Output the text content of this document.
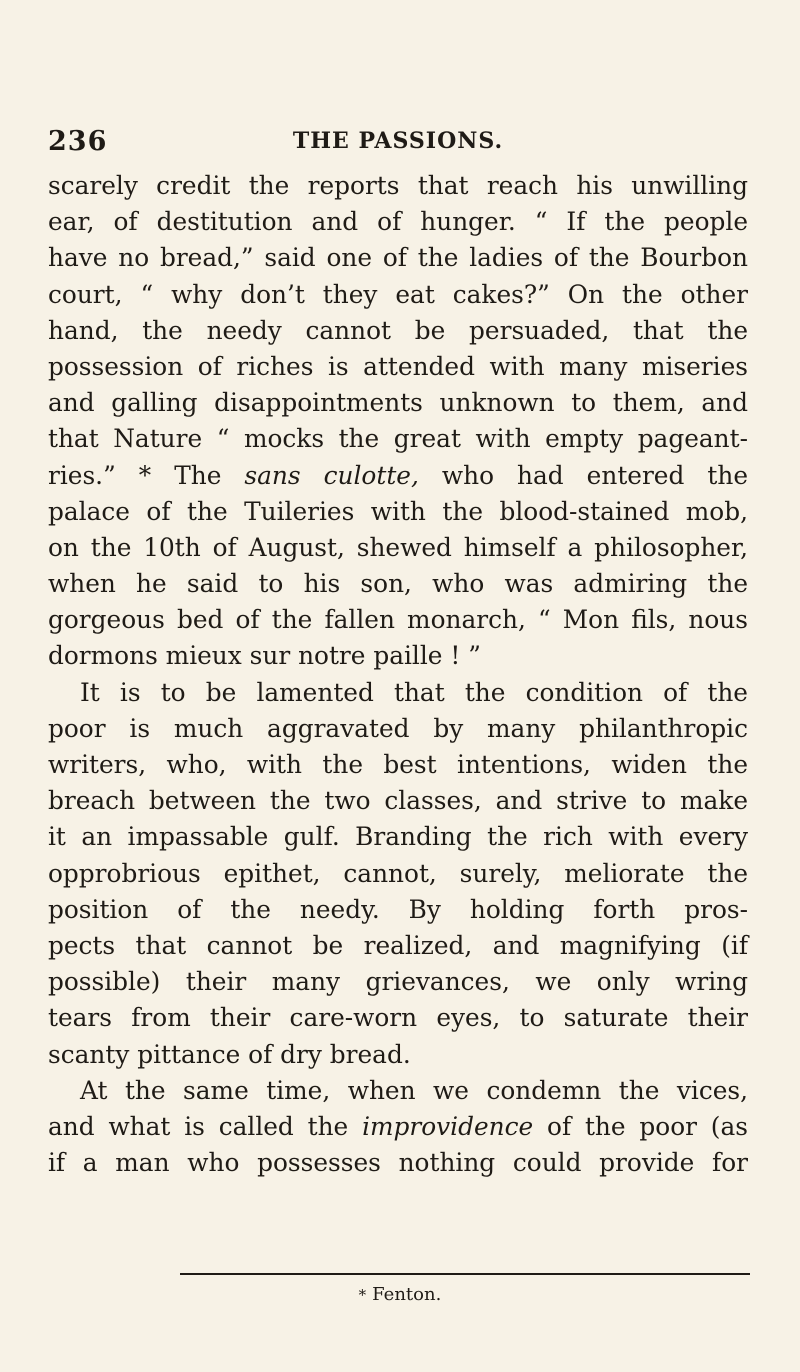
236	THE PASSIONS.
scarely credit the reports that reach his unwilling
ear, of destitution and of hunger. “ If the people
have no bread,” said one of the ladies of the Bourbon
court, “ why don’t they eat cakes?” On the other
hand, the needy cannot be persuaded, that the
possession of riches is attended with many miseries
and galling disappointments unknown to them, and
that Nature “ mocks the great with empty pageant-
ries.” * The sans culotte, who had entered the
palace of the Tuileries with the blood-stained mob,
on the 10th of August, shewed himself a philosopher,
when he said to his son, who was admiring the
gorgeous bed of the fallen monarch, “ Mon fils, nous
dormons mieux sur notre paille ! ”
It is to be lamented that the condition of the
poor is much aggravated by many philanthropic
writers, who, with the best intentions, widen the
breach between the two classes, and strive to make
it an impassable gulf. Branding the rich with every
opprobrious epithet, cannot, surely, meliorate the
position of the needy. By holding forth pros-
pects that cannot be realized, and magnifying (if
possible) their many grievances, we only wring
tears from their care-worn eyes, to saturate their
scanty pittance of dry bread.
At the same time, when we condemn the vices,
and what is called the improvidence of the poor (as
if a man who possesses nothing could provide for
* Fenton.
